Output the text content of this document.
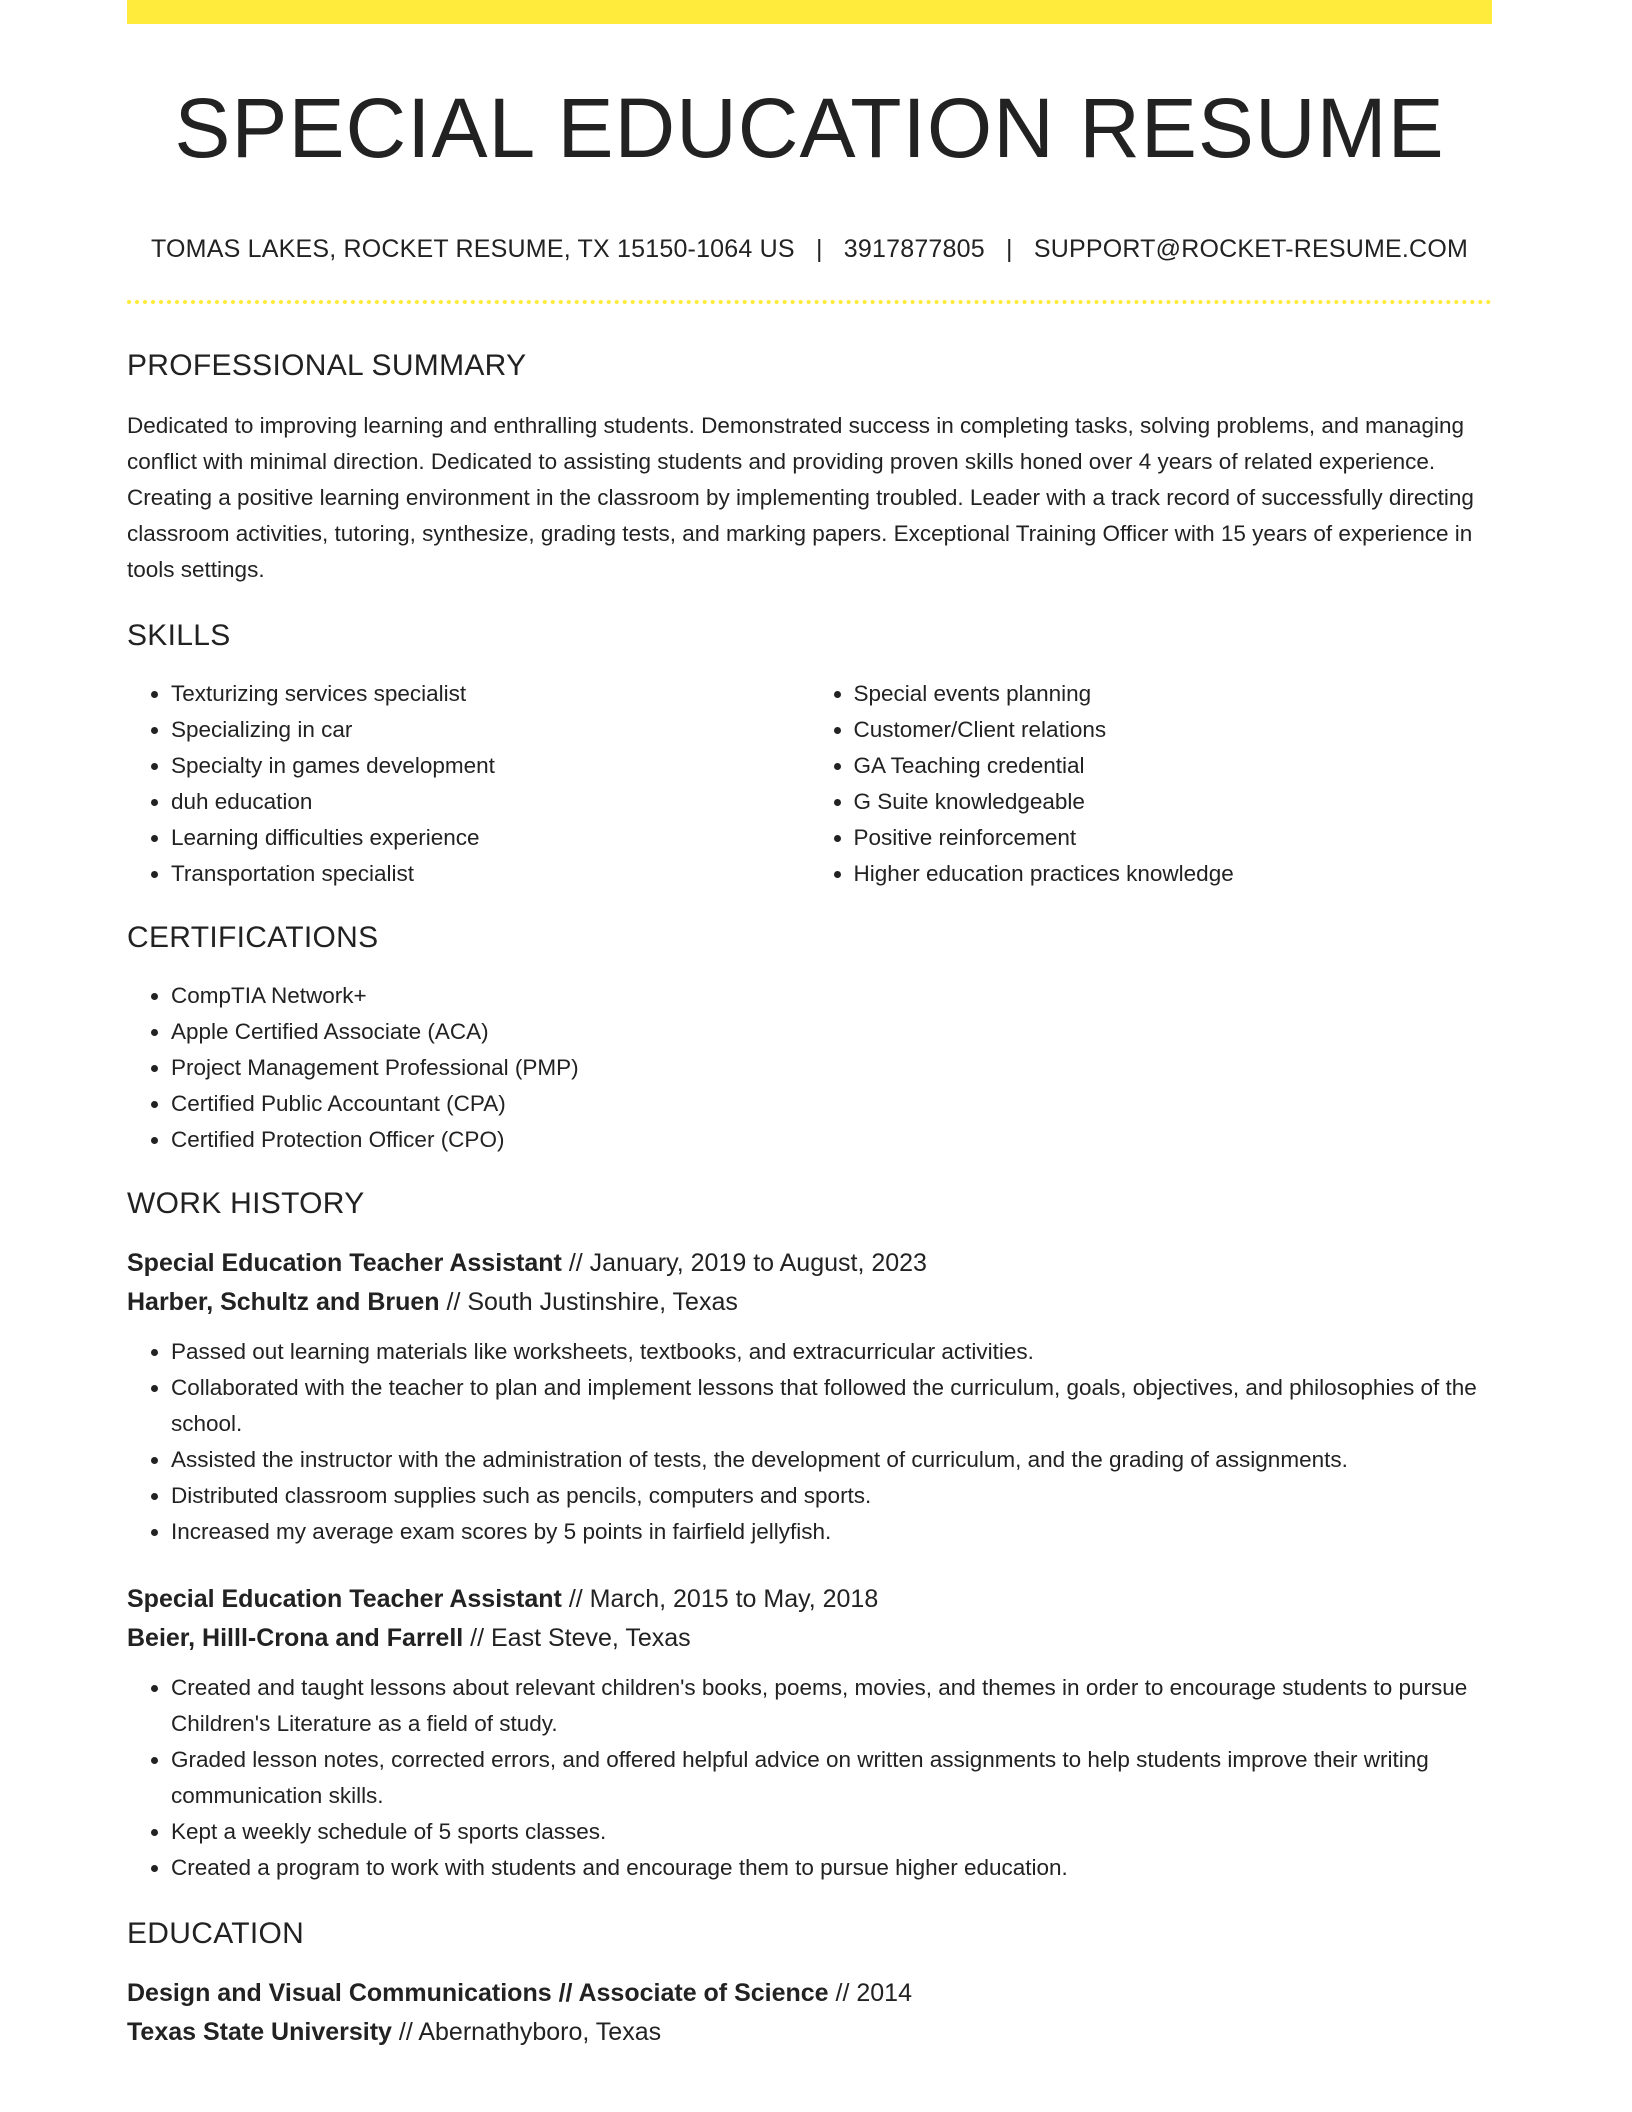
SPECIAL EDUCATION RESUME
TOMAS LAKES, ROCKET RESUME, TX 15150-1064 US | 3917877805 | SUPPORT@ROCKET-RESUME.COM
PROFESSIONAL SUMMARY

Dedicated to improving learning and enthralling students. Demonstrated success in completing tasks, solving problems, and managing conflict with minimal direction. Dedicated to assisting students and providing proven skills honed over 4 years of related experience. Creating a positive learning environment in the classroom by implementing troubled. Leader with a track record of successfully directing classroom activities, tutoring, synthesize, grading tests, and marking papers. Exceptional Training Officer with 15 years of experience in tools settings.

SKILLS
• Texturizing services specialist
• Specializing in car
• Specialty in games development
• duh education
• Learning difficulties experience
• Transportation specialist
• Special events planning
• Customer/Client relations
• GA Teaching credential
• G Suite knowledgeable
• Positive reinforcement
• Higher education practices knowledge
CERTIFICATIONS
• CompTIA Network+
• Apple Certified Associate (ACA)
• Project Management Professional (PMP)
• Certified Public Accountant (CPA)
• Certified Protection Officer (CPO)
WORK HISTORY
Special Education Teacher Assistant // January, 2019 to August, 2023
Harber, Schultz and Bruen // South Justinshire, Texas
• Passed out learning materials like worksheets, textbooks, and extracurricular activities.
• Collaborated with the teacher to plan and implement lessons that followed the curriculum, goals, objectives, and philosophies of the school.
• Assisted the instructor with the administration of tests, the development of curriculum, and the grading of assignments.
• Distributed classroom supplies such as pencils, computers and sports.
• Increased my average exam scores by 5 points in fairfield jellyfish.
Special Education Teacher Assistant // March, 2015 to May, 2018
Beier, Hilll-Crona and Farrell // East Steve, Texas
• Created and taught lessons about relevant children's books, poems, movies, and themes in order to encourage students to pursue Children's Literature as a field of study.
• Graded lesson notes, corrected errors, and offered helpful advice on written assignments to help students improve their writing communication skills.
• Kept a weekly schedule of 5 sports classes.
• Created a program to work with students and encourage them to pursue higher education.
EDUCATION
Design and Visual Communications // Associate of Science // 2014
Texas State University // Abernathyboro, Texas
